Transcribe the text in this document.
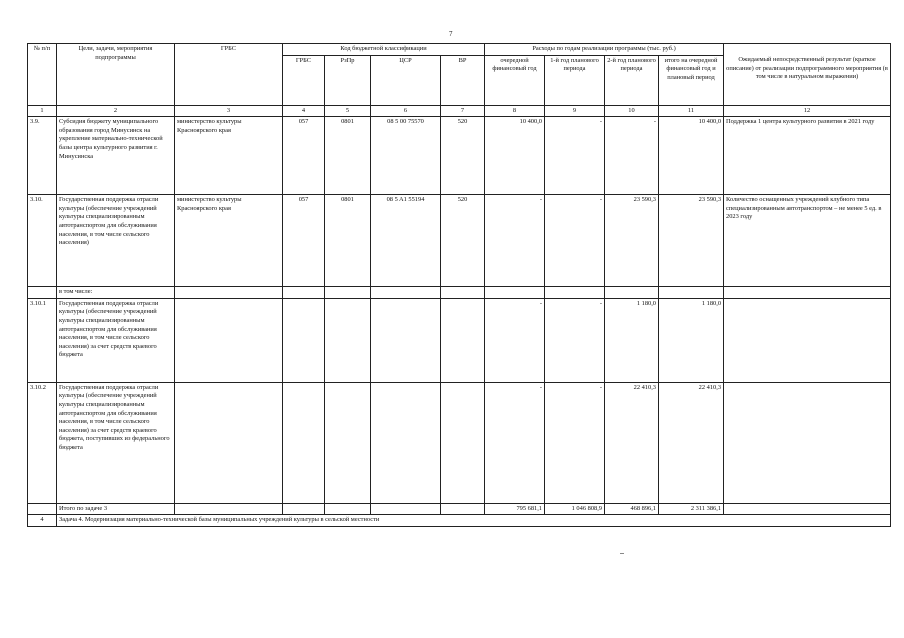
7
№ п/п	Цели, задачи, мероприятия подпрограммы	ГРБС	Код бюджетной классификации				Расходы по годам реализации программы (тыс. руб.)				Ожидаемый непосредственный результат (краткое описание) от реализации подпрограммного мероприятия (в том числе в натуральном выражении)
			ГРБС	РзПр	ЦСР	ВР	очередной финансовый год	1-й год планового периода	2-й год планового периода	итого на очередной финансовый год и плановый период	
1	2	3	4	5	6	7	8	9	10	11	12
3.9.	Субсидия бюджету муниципального образования город Минусинск на укрепление материально-технической базы центра культурного развития г. Минусинска	министерство культуры Красноярского края	057	0801	08 5 00 75570	520	10 400,0	-	-	10 400,0	Поддержка 1 центра культурного развития в 2021 году
3.10.	Государственная поддержка отрасли культуры (обеспечение учреждений культуры специализированным автотранспортом для обслуживания населения, в том числе сельского населения)	министерство культуры Красноярского края	057	0801	08 5 A1 55194	520	-	-	23 590,3	23 590,3	Количество оснащенных учреждений клубного типа специализированным автотранспортом – не менее 5 ед. в 2023 году
	в том числе:										
3.10.1	Государственная поддержка отрасли культуры (обеспечение учреждений культуры специализированным автотранспортом для обслуживания населения, в том числе сельского населения) за счет средств краевого бюджета						-	-	1 180,0	1 180,0	
3.10.2	Государственная поддержка отрасли культуры (обеспечение учреждений культуры специализированным автотранспортом для обслуживания населения, в том числе сельского населения) за счет средств краевого бюджета, поступивших из федерального бюджета						-	-	22 410,3	22 410,3	
	Итого по задаче 3						795 681,1	1 046 808,9	468 896,1	2 311 386,1	
4	Задача 4. Модернизация материально-технической базы муниципальных учреждений культуры в сельской местности										
